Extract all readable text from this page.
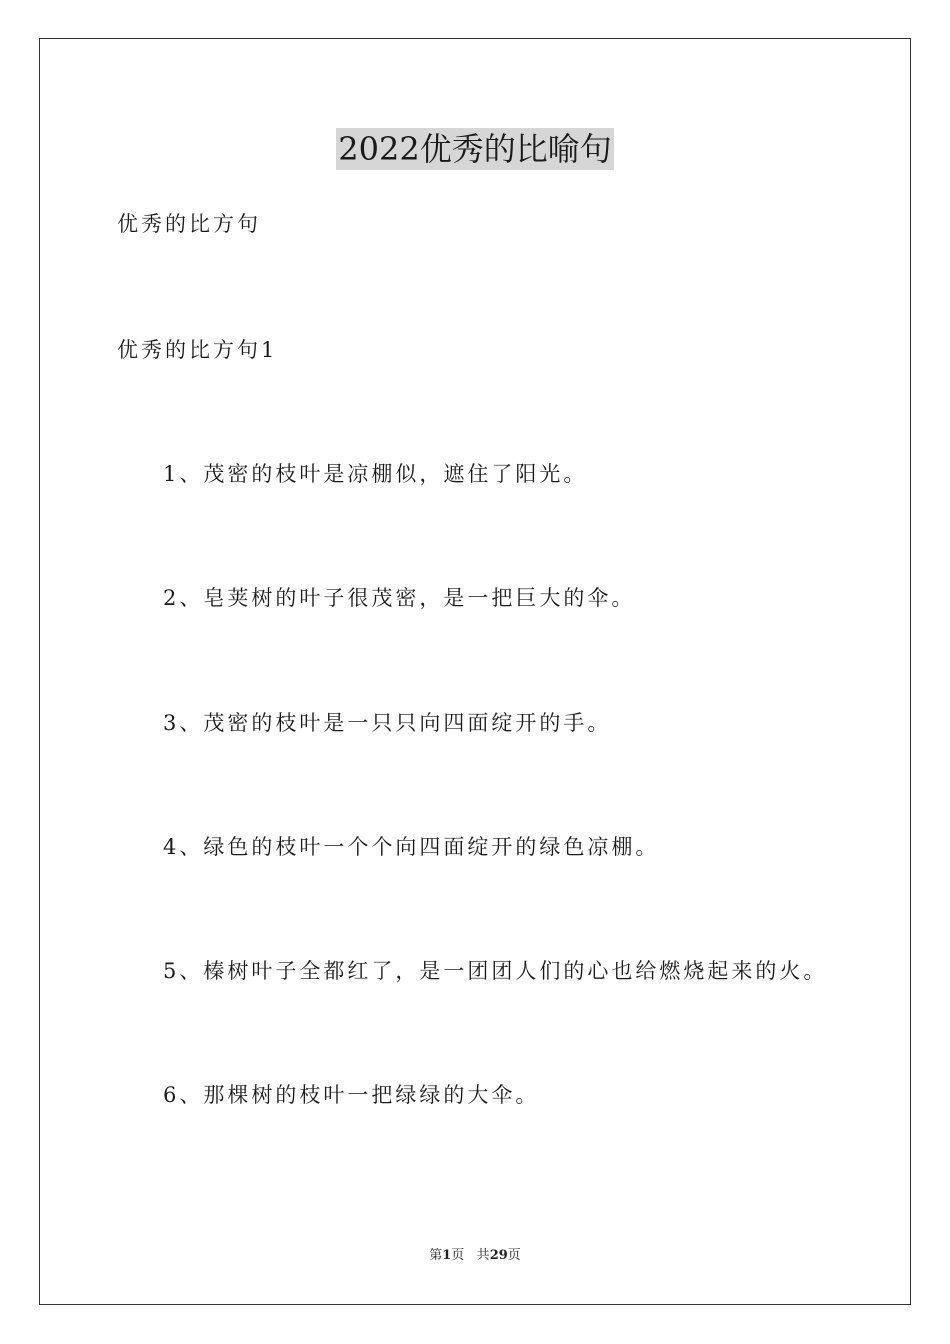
2022优秀的比喻句
优秀的比方句
优秀的比方句1
1、茂密的枝叶是凉棚似，遮住了阳光。
2、皂荚树的叶子很茂密，是一把巨大的伞。
3、茂密的枝叶是一只只向四面绽开的手。
4、绿色的枝叶一个个向四面绽开的绿色凉棚。
5、榛树叶子全都红了，是一团团人们的心也给燃烧起来的火。
6、那棵树的枝叶一把绿绿的大伞。
第1页 共29页
